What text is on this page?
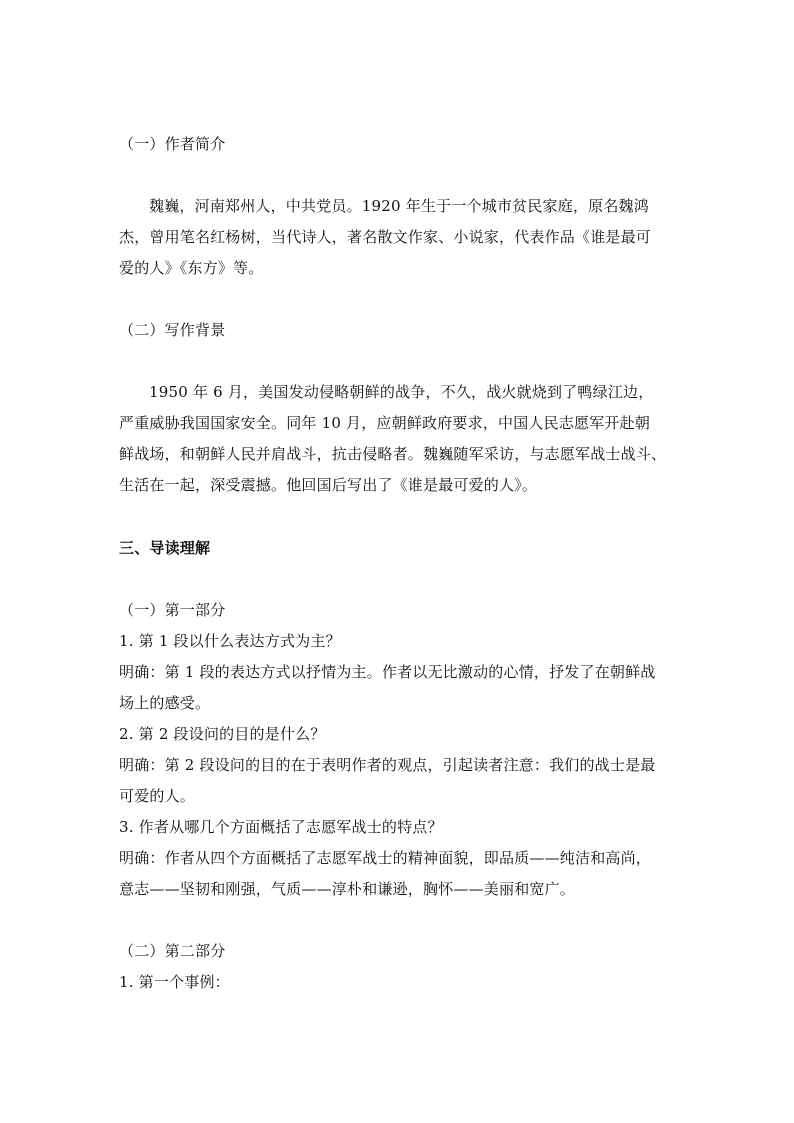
（一）作者简介
魏巍，河南郑州人，中共党员。1920 年生于一个城市贫民家庭，原名魏鸿
杰，曾用笔名红杨树，当代诗人，著名散文作家、小说家，代表作品《谁是最可
爱的人》《东方》等。
（二）写作背景
1950 年 6 月，美国发动侵略朝鲜的战争，不久，战火就烧到了鸭绿江边，
严重威胁我国国家安全。同年 10 月，应朝鲜政府要求，中国人民志愿军开赴朝
鲜战场，和朝鲜人民并肩战斗，抗击侵略者。魏巍随军采访，与志愿军战士战斗、
生活在一起，深受震撼。他回国后写出了《谁是最可爱的人》。
三、导读理解
（一）第一部分
1. 第 1 段以什么表达方式为主？
明确：第 1 段的表达方式以抒情为主。作者以无比激动的心情，抒发了在朝鲜战
场上的感受。
2. 第 2 段设问的目的是什么？
明确：第 2 段设问的目的在于表明作者的观点，引起读者注意：我们的战士是最
可爱的人。
3. 作者从哪几个方面概括了志愿军战士的特点？
明确：作者从四个方面概括了志愿军战士的精神面貌，即品质——纯洁和高尚，
意志——坚韧和刚强，气质——淳朴和谦逊，胸怀——美丽和宽广。
（二）第二部分
1. 第一个事例：
